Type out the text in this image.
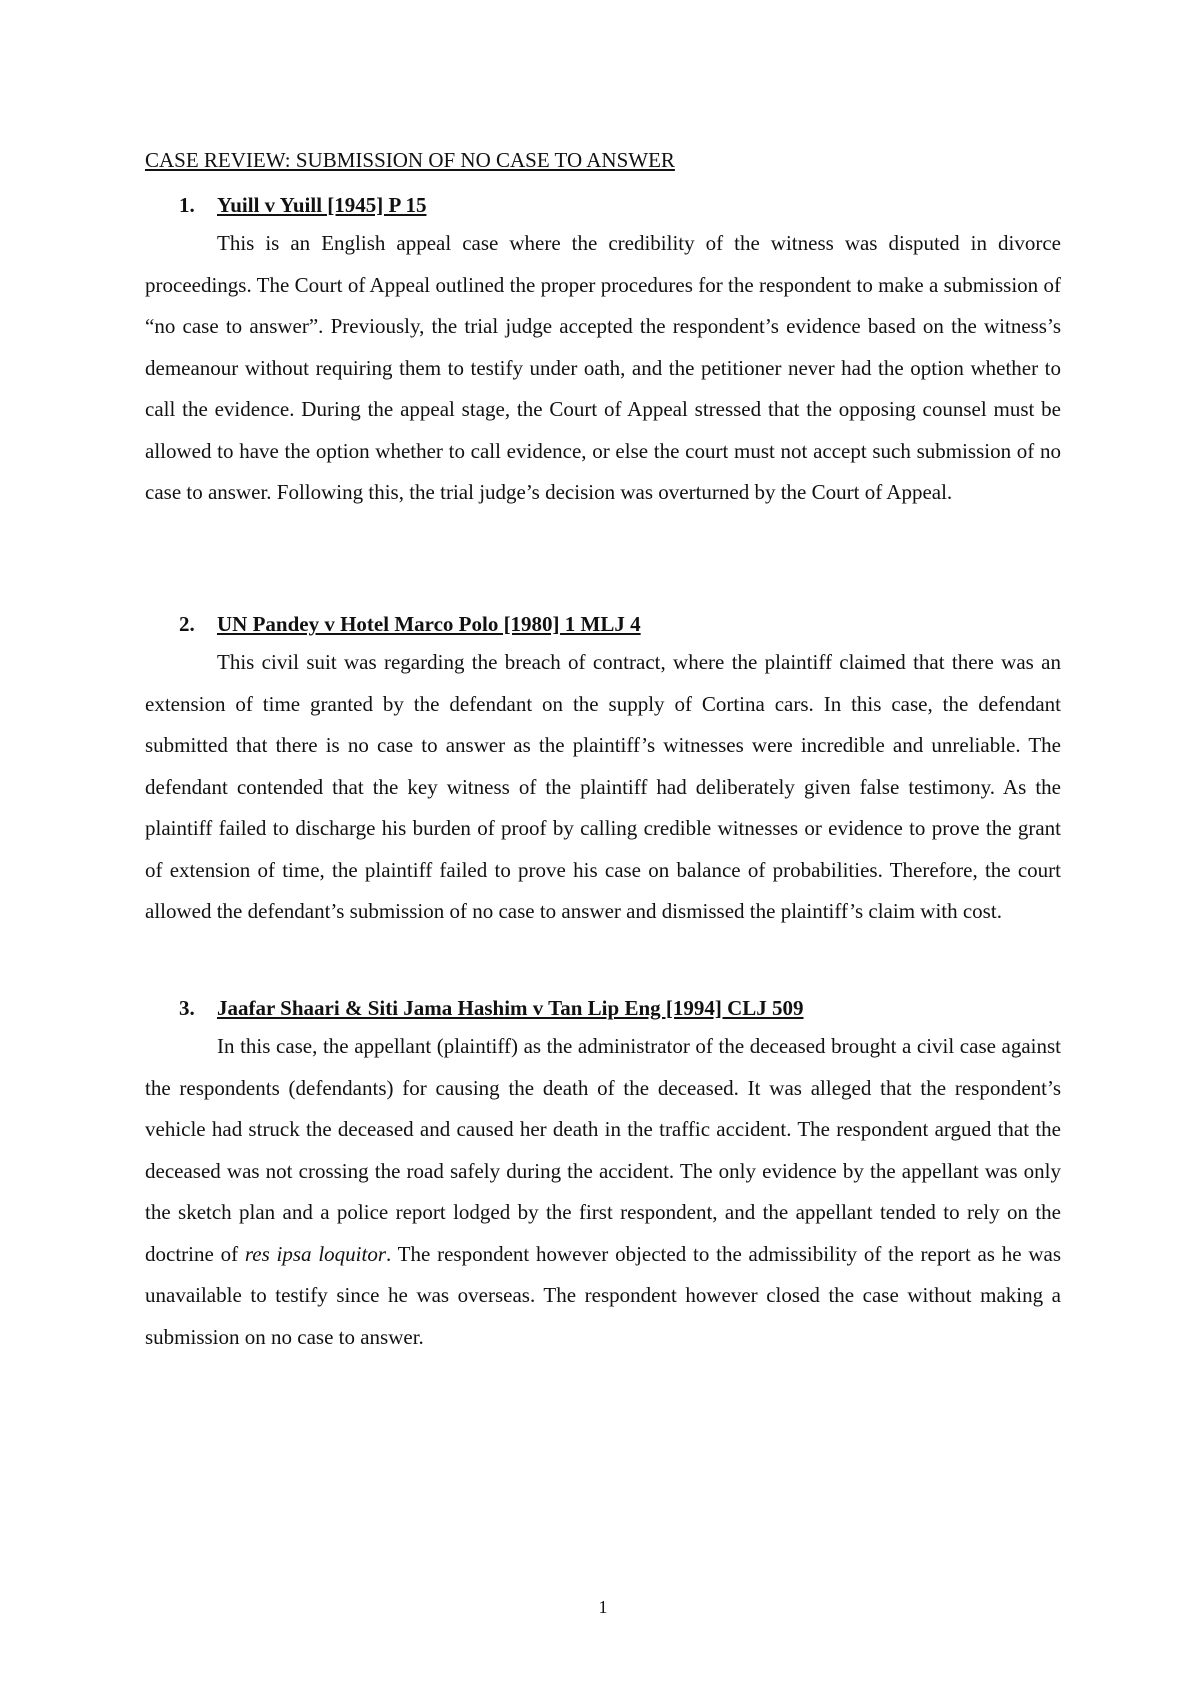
CASE REVIEW: SUBMISSION OF NO CASE TO ANSWER
1.	Yuill v Yuill [1945] P 15

This is an English appeal case where the credibility of the witness was disputed in divorce proceedings. The Court of Appeal outlined the proper procedures for the respondent to make a submission of “no case to answer”. Previously, the trial judge accepted the respondent’s evidence based on the witness’s demeanour without requiring them to testify under oath, and the petitioner never had the option whether to call the evidence. During the appeal stage, the Court of Appeal stressed that the opposing counsel must be allowed to have the option whether to call evidence, or else the court must not accept such submission of no case to answer. Following this, the trial judge’s decision was overturned by the Court of Appeal.

2.	UN Pandey v Hotel Marco Polo [1980] 1 MLJ 4

This civil suit was regarding the breach of contract, where the plaintiff claimed that there was an extension of time granted by the defendant on the supply of Cortina cars. In this case, the defendant submitted that there is no case to answer as the plaintiff’s witnesses were incredible and unreliable. The defendant contended that the key witness of the plaintiff had deliberately given false testimony. As the plaintiff failed to discharge his burden of proof by calling credible witnesses or evidence to prove the grant of extension of time, the plaintiff failed to prove his case on balance of probabilities. Therefore, the court allowed the defendant’s submission of no case to answer and dismissed the plaintiff’s claim with cost.

3.	Jaafar Shaari & Siti Jama Hashim v Tan Lip Eng [1994] CLJ 509

In this case, the appellant (plaintiff) as the administrator of the deceased brought a civil case against the respondents (defendants) for causing the death of the deceased. It was alleged that the respondent’s vehicle had struck the deceased and caused her death in the traffic accident. The respondent argued that the deceased was not crossing the road safely during the accident. The only evidence by the appellant was only the sketch plan and a police report lodged by the first respondent, and the appellant tended to rely on the doctrine of res ipsa loquitor. The respondent however objected to the admissibility of the report as he was unavailable to testify since he was overseas. The respondent however closed the case without making a submission on no case to answer.

1
